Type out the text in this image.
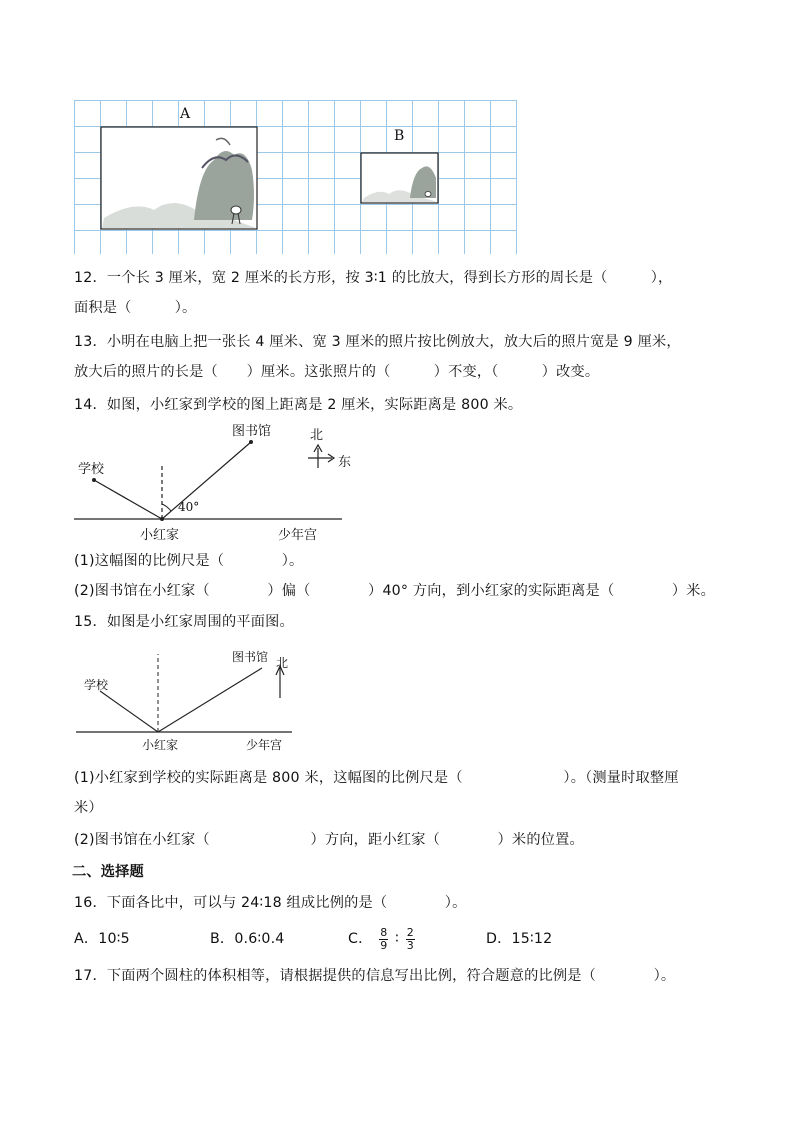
A
B
12．一个长 3 厘米，宽 2 厘米的长方形，按 3∶1 的比放大，得到长方形的周长是（　　　），
面积是（　　　）。
13．小明在电脑上把一张长 4 厘米、宽 3 厘米的照片按比例放大，放大后的照片宽是 9 厘米，
放大后的照片的长是（　　）厘米。这张照片的（　　　）不变，（　　　）改变。
14．如图，小红家到学校的图上距离是 2 厘米，实际距离是 800 米。
图书馆
学校
小红家	少年宫
40°
北
东
(1)这幅图的比例尺是（　　　　）。
(2)图书馆在小红家（　　　　）偏（　　　　）40° 方向，到小红家的实际距离是（　　　　）米。
15．如图是小红家周围的平面图。
图书馆 北
学校
小红家	少年宫
(1)小红家到学校的实际距离是 800 米，这幅图的比例尺是（　　　　　　　）。（测量时取整厘
米）
(2)图书馆在小红家（　　　　　　　）方向，距小红家（　　　　）米的位置。
二、选择题
16．下面各比中，可以与 24∶18 组成比例的是（　　　　）。
A．10∶5	B．0.6∶0.4	C． $\frac{8}{9}$ ∶ $\frac{2}{3}$	D．15∶12
17．下面两个圆柱的体积相等，请根据提供的信息写出比例，符合题意的比例是（　　　　）。
